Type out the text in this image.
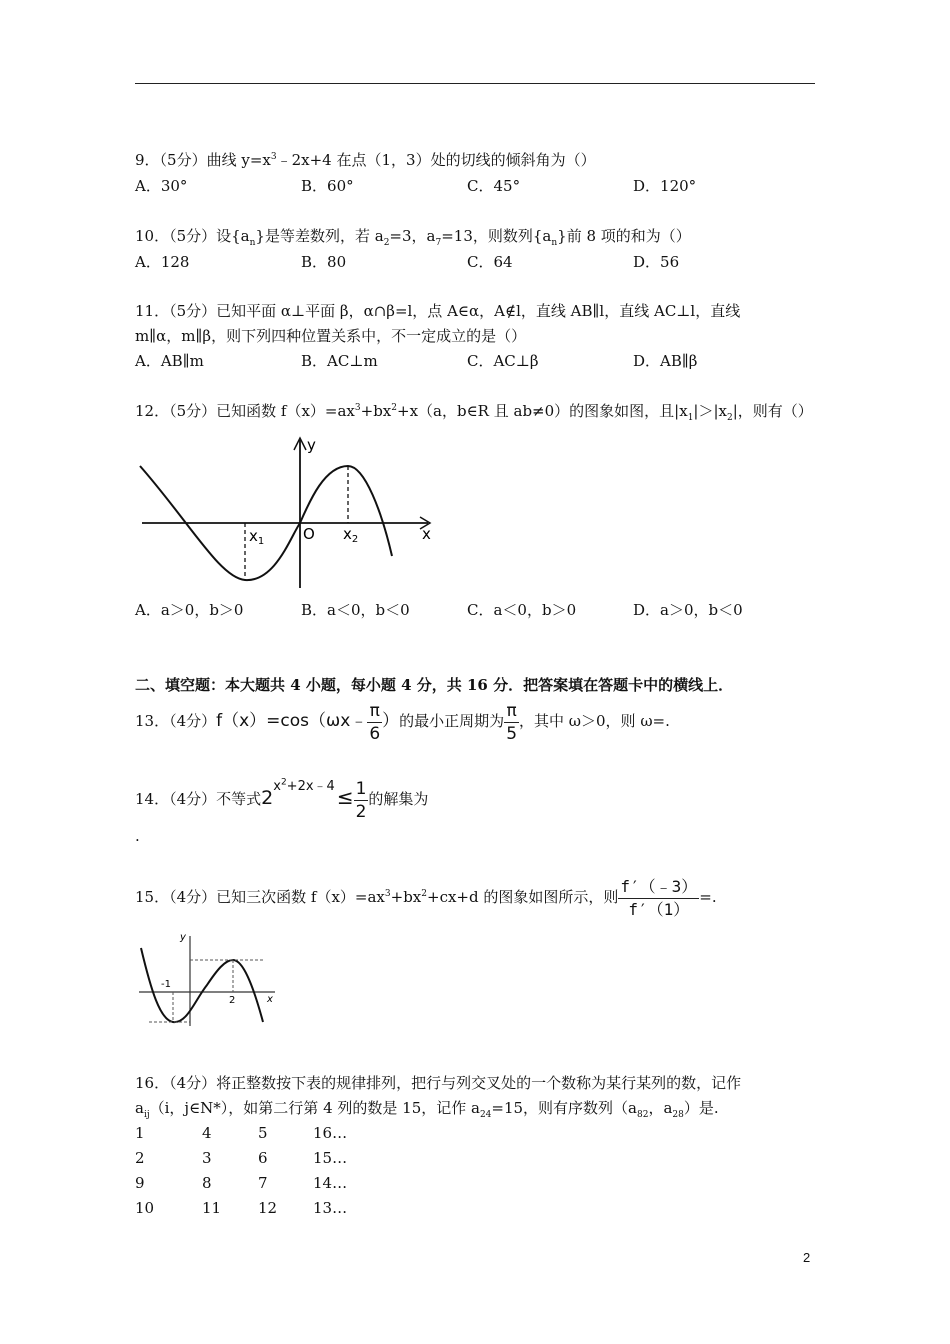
9．（5分）曲线 $y=x^3﹣2x+4$ 在点（1，3）处的切线的倾斜角为（）
A．30°	B．60°	C．45°	D．120°
10．（5分）设$\{a_n\}$是等差数列，若 $a_2=3$，$a_7=13$，则数列$\{a_n\}$前 8 项的和为（）
A．128	B．80	C．64	D．56
11．（5分）已知平面 α⊥平面 β，α∩β=l，点 A∈α，A∉l，直线 AB∥l，直线 AC⊥l，直线
m∥α，m∥β，则下列四种位置关系中，不一定成立的是（）
A．AB∥m	B．AC⊥m	C．AC⊥β	D．AB∥β
12．（5分）已知函数 $f(x)=ax^3+bx^2+x(a$，b∈R 且 ab≠0）的图象如图，且$|x_1|>|x_2|$，则有（）
y
x
O
$x_1$	$x_2$
A．a＞0，b＞0	B．a＜0，b＜0	C．a＜0，b＞0	D．a＞0，b＜0
二、填空题：本大题共 4 小题，每小题 4 分，共 16 分．把答案填在答题卡中的横线上．
13．（4分）f（x）=cos（ωx﹣ $\frac{\pi}{6}$ ）的最小正周期为 $\frac{\pi}{5}$ ，其中 ω＞0，则 ω=.
14．（4分）不等式$2x^2+2x﹣4 \le \frac{1}{2}$ 的解集为
.
15．（4分）已知三次函数 $f(x)=ax^3+bx^2+cx+d$ 的图象如图所示，则 $\frac{f'(﹣3)}{f'(1)}$ =.
y
x
-1
2
16．（4分）将正整数按下表的规律排列，把行与列交叉处的一个数称为某行某列的数，记作
$a_{ij}(i$，j∈N*），如第二行第 4 列的数是 15，记作 $a_{24}=15$，则有序数列（$a_{82}$，$a_{28}$）是.
1	4	5	16…
2	3	6	15…
9	8	7	14…
10	11 12 13…
2
